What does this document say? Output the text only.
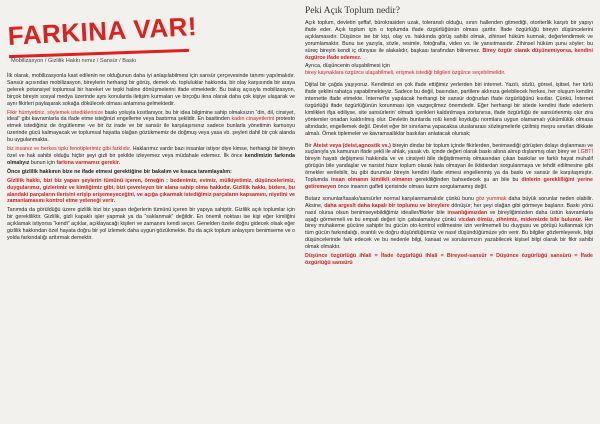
FARKINA VAR!
Mobilizasyon / Gizlilik Hakkı nımız / Sansür / Baskı

İlk olarak, mobilizasyonla kast edilenin ne olduğunun daha iyi anlaşılabilmesi için sansür çerçevesinde tanımı yapılmalıdır. Sansür açısından mobilizasyon, bireylerin herhangi bir görüş, demek vb. topluluklar hakkında, bir olay karşısında bir araya gelerek potansiyel toplumsal bir hareket ve tepki haline dönüşmelerini ifade etmektedir. Bu bakış açısıyla mobilizasyon, birçok bireyin sosyal medya üzerinde aynı konularda iletişim kurmaları ve birçoğu ikna olarak daha çok kişiye ulaşarak ve aynı fikirleri paylaşarak sokağa dökülecek olması anlamına gelmektedir.

Fikir hürriyetiniz, söylemek istediklerinize baskı yoluyla kısıtlanıyor, bu bir idea bilgimine sahip olmaksızın “din, dil, cinsiyet, ideal” gibi kavramlarla da ifade etme isteğinizi engelleme veya bastırma şeklidir. En basitinden kadın cinayetlerini protesto etmek istediğiniz de örgütlenme -ve bir öz irade ve bir sansür ile karşılaşırsınız sadece bunlarla yönetimin kamuoyu üzerinde gücü kalmayacak ve toplumsal hayatta olağan gözükmemiz de doğmuş veya yasa vb. şeyleri dahil bir çok alanda bu uygulanmakta.

biz insanız ve herkes tıpkı fenotiplerimiz gibi farklıdır. Haklarımız vardır bazı insanlar istiyor diye kimse, herhangi bir bireyin özel ve hak sahibi olduğu hiçbir şeyi gizli bir şekilde izleyemez veya müdahale edemez. İlk önce kendimizin farkında olmalıyız bunun için farkına varmamız gerekir.

Önce gizlilik hakkının bize ne ifade etmesi gerektiğine bir bakalım ve kısaca tanımlayalım:

Gizlilik hakkı, bizi biz yapan şeylerin tümünü içeren, örneğin : bedenimiz, evimiz, mülkiyetimiz, düşüncelerimiz, duygularımız, gizlerimiz ve kimliğimiz gibi, bizi çevreleyen bir alana sahip olma hakkıdır. Gizlilik hakkı, bizlere, bu alandaki parçaların ilerisini erişip erişemeyeceğini, ve açığa çıkarmak istediğimiz parçaların kapsamını, niyetini ve zamanlamasını kontrol etme yeteneği verir.

Tanımda da görüldüğü üzere gizlilik bizi biz yapan değerlerin tümünü içeren bir yapıya sahiptir. Gizlilik açık toplumlar için bir gerekliliktir. Gizlilik, gizli kapaklı işler yapmak ya da “saklanmak” değildir. En önemli noktası ise kişi eğer kimliğini açıklamak istiyorsa “kendi” açıklar, açıklayacağı kişileri ve zamanını kendi seçer. Genelden özele doğru gidecek olsak eğer gizlilik hakkından özel hayata doğru bir yol izlemek daha uygun gözükmekte. Bu da açık toplum anlayışını benimseme ve o yolda farkındalığı arttırmak demektir.

Peki Açık Toplum nedir?

Açık toplum, devletin şeffaf, bürokrasiden uzak, toleranslı olduğu, sınırı hallenden gitmediği, otoriterlik karşıtı bir yapıyı ifade eder. Açık toplum için o toplumda ifade özgürlüğünün olması şarttır. İfade özgürlüğü bireyin düşüncelerini açıklamasıdır. Düşünce ise bir kişi, olay vs. hakkında görüş sahibi olmak, zihinsel hüküm kurmak, değerlendirmek ve yorumlamaktır. Bunu ise yazıyla, sözle, resimle, fotoğrafla, video vs. ile yansıtmasıdır. Zihinsel hüküm şunu söyler; bu süreç bireyin kendi iç dünyası ile alakalıdır, başkası tarafından bilinemez. Birey özgür olarak düşünemiyorsa, kendini özgürce ifade edemez.

Ayrıca, düşüncenin oluşabilmesi için
birey kaynaklara özgürce ulaşabilmeli, erişmek istediği bilgileri özgürce seçebilmelidir.

Dijital bir çağda yaşıyoruz. Kendimizi en çok ifade ettiğimiz yerlerden biri internet. Yazılı, sözlü, görsel, işitsel, her türlü ifade şeklini rahatça yapabilmekteyiz. Sadece bu değil, basından, partilere aklınıza gelebilecek herkes, her oluşum kendini internette ifade etmekte. İnternet'te yapılacak herhangi bir sansür doğrudan ifade özgürlüğünü kısıtlar. Çünkü, İnternet özgürlüğü ifade özgürlüğünün korunması için vazgeçilmez önemdedir. Eğer herhangi bir sitede kendini ifade ederlerin kimlikleri ifşa ediliyse, site sansürlerin' olmadı içerikleri kaldırılmaya zorlanırsa, ifade özgürlüğü de sansürlenmiş olur zira yöntemler onadan kaldırılmış olur. Devletin bunlarda rolü kendi koyduğu normlara uygun olamamalı yükümlülük olmasa altındadır, engellemek değil. Devlet eğer bir sınırlama yapacaksa uluslararası sözleşmelerle çizilmiş meşru sınırları dikkate almalı. Örnek tiplemeler ve kavramsallıklar baskıları anlatacak olursak;

Bir Ateist veya (deist,agnostik vs.) bireyin dindar bir toplum içinde fikirlerden, benimsediği görüşten dolayı dışlanması ve suçlanıyla ya kamunun ifade şekli ile ahlak, yasak vb. içinde değeri olarak baskı altına alınıp dışlanmış olan birey ve LGBTİ bireyin hayatı değişmesi hakkında ve ve cinsiyeti bile değiştirmemiş olmasından çıkan baskılar ve farklı hayat muhalif görüşün bile yandaşlar ve narsist hazır toplum olarak hala olmayan ile iktidardan sorgulanmaya ve tehdit edilmesine gibi örnekler verilebilir, bu gibi durumlar bireyin kendini ifade etmesi engellenmiş ya da baskı ve sansür ile karşılaşmıştır. Toplumda insan olmanın kimlikli olmanın gerekliliğinden bahsedecek şu an bile bu dinlerin gereklilliğini yerine getiremeyen önce insanın gafleti içerisinde olması lazım sorgulamamış değil.

Butarz sonunlar/tasakı/sansürler normal karşılanmamalıdır çünkü bunu göz yummak daha büyük sorunlar neden olabilir. Aksine, daha argeslt daha kapalı bir toplumu ve bireylere dönüşür; her şeyi olağan gibi görmeye başlanır. Baskı yönü nasıl olursa olsun benimseyebildiğimiz idealler/fikirler bile insanlığımızdan ve bireyliğimizden daha üstün kavramlarla aşağı görmemeli ve bu empati değeri için çabalamalıyız çünkü vicdan ölmüz, zihnimiz, midemizde bile bulunur. Her birey muhakeme gücüne sahiptir bu gücün oto-kontrol edilmesine izin verilmemeli bu duygusu ve görüşü kullanmak için tüm gücün farkındalığı, orantılı ve doğru düşündüğümüz ve nasıl düşündüğümüze yön verir. Bu bilgiler gözlemleyerek, bilgi düşüncelerinde fark edecek ve bu nedenle bilgi, kanaat ve sorularımızın yazabilecek kişisel bilgi olarak bir fikir sahibi olmak olmaktır.

Düşünce özgürlüğü ihlali = İfade özgürlüğü ihlali = Bireysel-sansür = Düşünce özgürlüğü sansürü = İfade özgürlüğü sansürü
